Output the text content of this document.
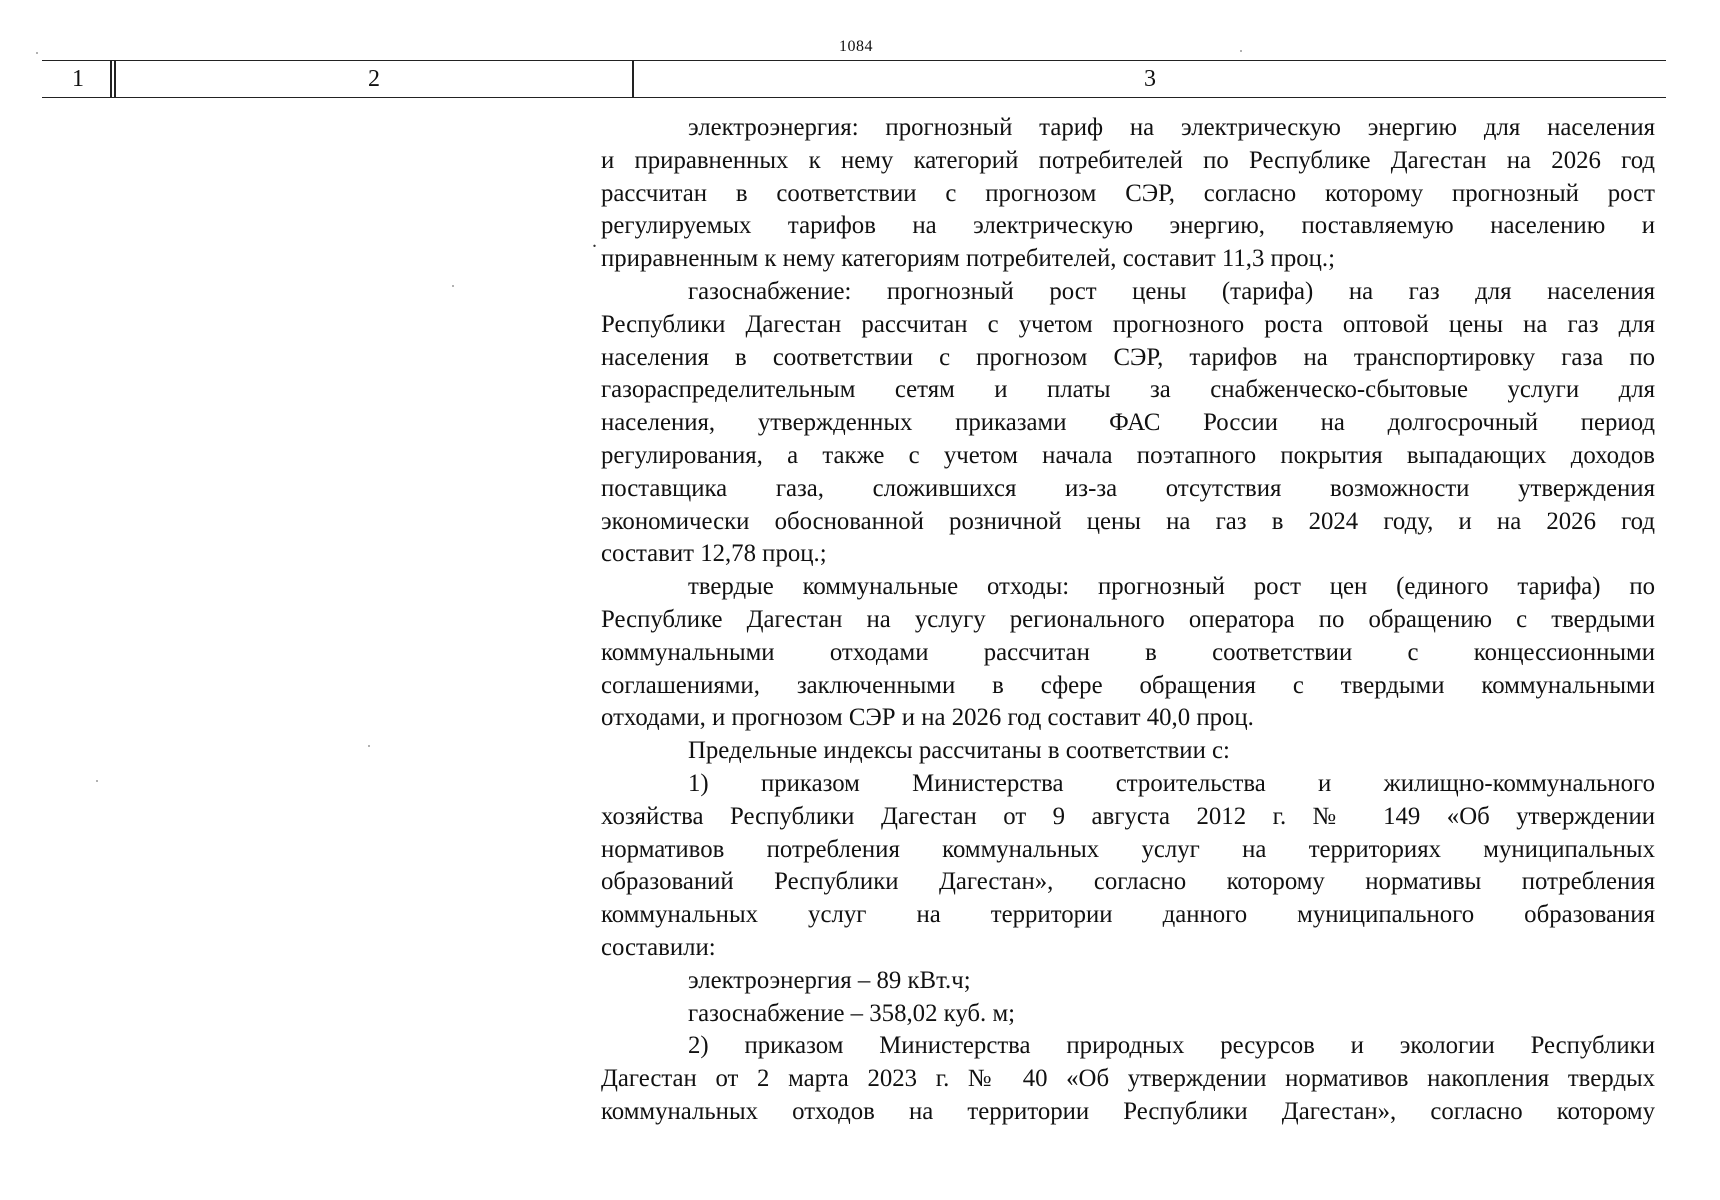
1084
1	2	3
.
электроэнергия: прогнозный тариф на электрическую энергию для населения
и приравненных к нему категорий потребителей по Республике Дагестан на 2026 год
рассчитан в соответствии с прогнозом СЭР, согласно которому прогнозный рост
регулируемых тарифов на электрическую энергию, поставляемую населению и
приравненным к нему категориям потребителей, составит 11,3 проц.;
газоснабжение: прогнозный рост цены (тарифа) на газ для населения
Республики Дагестан рассчитан с учетом прогнозного роста оптовой цены на газ для
населения в соответствии с прогнозом СЭР, тарифов на транспортировку газа по
газораспределительным сетям и платы за снабженческо-сбытовые услуги для
населения, утвержденных приказами ФАС России на долгосрочный период
регулирования, а также с учетом начала поэтапного покрытия выпадающих доходов
поставщика газа, сложившихся из-за отсутствия возможности утверждения
экономически обоснованной розничной цены на газ в 2024 году, и на 2026 год
составит 12,78 проц.;
твердые коммунальные отходы: прогнозный рост цен (единого тарифа) по
Республике Дагестан на услугу регионального оператора по обращению с твердыми
коммунальными отходами рассчитан в соответствии с концессионными
соглашениями, заключенными в сфере обращения с твердыми коммунальными
отходами, и прогнозом СЭР и на 2026 год составит 40,0 проц.
Предельные индексы рассчитаны в соответствии с:
1) приказом Министерства строительства и жилищно-коммунального
хозяйства Республики Дагестан от 9 августа 2012 г. № 149 «Об утверждении
нормативов потребления коммунальных услуг на территориях муниципальных
образований Республики Дагестан», согласно которому нормативы потребления
коммунальных услуг на территории данного муниципального образования
составили:
электроэнергия – 89 кВт.ч;
газоснабжение – 358,02 куб. м;
2) приказом Министерства природных ресурсов и экологии Республики
Дагестан от 2 марта 2023 г. № 40 «Об утверждении нормативов накопления твердых
коммунальных отходов на территории Республики Дагестан», согласно которому
